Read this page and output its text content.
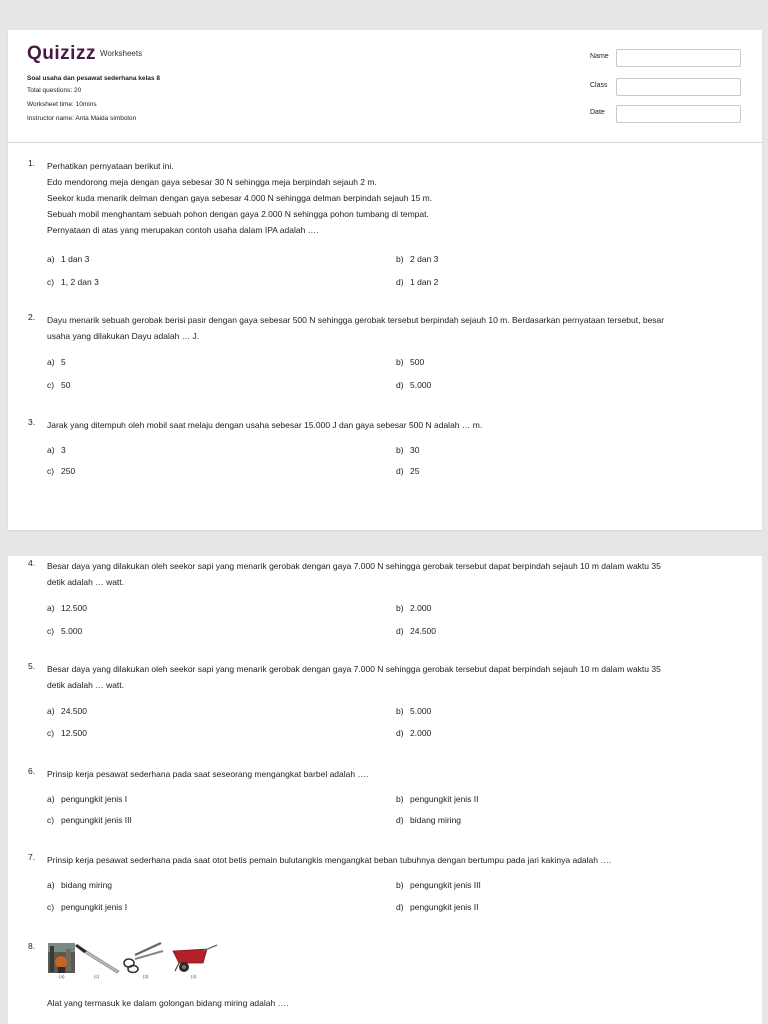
Quizizz Worksheets
Soal usaha dan pesawat sederhana kelas 8
Total questions: 20
Worksheet time: 10mins
Instructor name: Anta Maida simbolon
Name
Class
Date
1. Perhatikan pernyataan berikut ini.
Edo mendorong meja dengan gaya sebesar 30 N sehingga meja berpindah sejauh 2 m.
Seekor kuda menarik delman dengan gaya sebesar 4.000 N sehingga delman berpindah sejauh 15 m.
Sebuah mobil menghantam sebuah pohon dengan gaya 2.000 N sehingga pohon tumbang di tempat.
Pernyataan di atas yang merupakan contoh usaha dalam IPA adalah ….

a) 1 dan 3	b) 2 dan 3
c) 1, 2 dan 3	d) 1 dan 2
2. Dayu menarik sebuah gerobak berisi pasir dengan gaya sebesar 500 N sehingga gerobak tersebut berpindah sejauh 10 m. Berdasarkan pernyataan tersebut, besar
usaha yang dilakukan Dayu adalah … J.

a) 5	b) 500
c) 50	d) 5.000
3. Jarak yang ditempuh oleh mobil saat melaju dengan usaha sebesar 15.000 J dan gaya sebesar 500 N adalah … m.

a) 3	b) 30
c) 250	d) 25
4. Besar daya yang dilakukan oleh seekor sapi yang menarik gerobak dengan gaya 7.000 N sehingga gerobak tersebut dapat berpindah sejauh 10 m dalam waktu 35
detik adalah … watt.

a) 12.500	b) 2.000
c) 5.000	d) 24.500
5. Besar daya yang dilakukan oleh seekor sapi yang menarik gerobak dengan gaya 7.000 N sehingga gerobak tersebut dapat berpindah sejauh 10 m dalam waktu 35
detik adalah … watt.

a) 24.500	b) 5.000
c) 12.500	d) 2.000
6. Prinsip kerja pesawat sederhana pada saat seseorang mengangkat barbel adalah ….

a) pengungkit jenis I	b) pengungkit jenis II
c) pengungkit jenis III	d) bidang miring
7. Prinsip kerja pesawat sederhana pada saat otot betis pemain bulutangkis mengangkat beban tubuhnya dengan bertumpu pada jari kakinya adalah ….

a) bidang miring	b) pengungkit jenis III
c) pengungkit jenis I	d) pengungkit jenis II
8.
(a)	(c)	(3)	(4)

Alat yang termasuk ke dalam golongan bidang miring adalah ….
